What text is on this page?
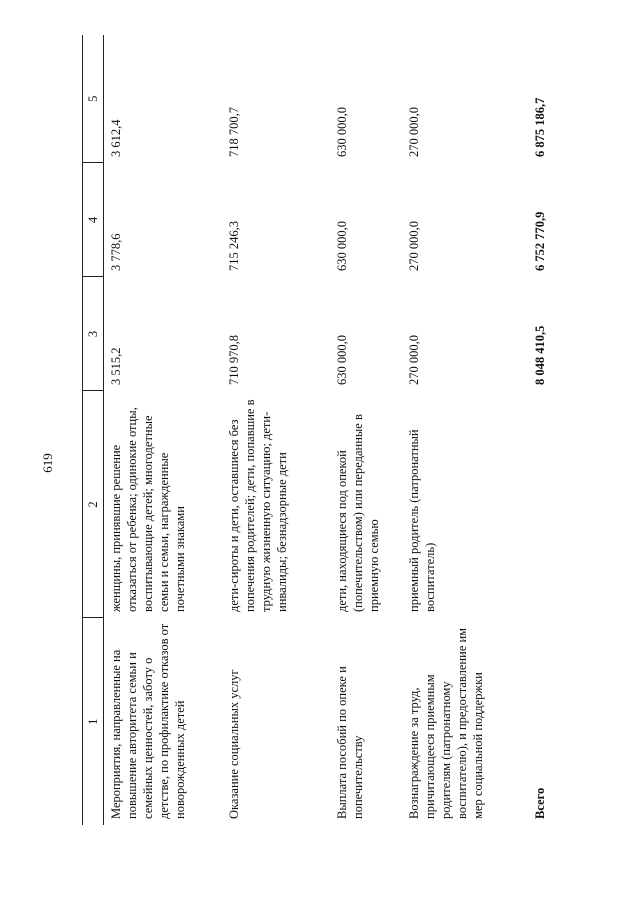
619
1	2	3	4	5
Мероприятия, направленные на повышение авторитета семьи и семейных ценностей, заботу о детстве, по профилактике отказов от новорожденных детей	женщины, принявшие решение отказаться от ребенка; одинокие отцы, воспитывающие детей; многодетные семьи и семьи, награжденные почетными знаками	3 515,2	3 778,6	3 612,4
Оказание социальных услуг	дети-сироты и дети, оставшиеся без попечения родителей; дети, попавшие в трудную жизненную ситуацию; дети-инвалиды; безнадзорные дети	710 970,8	715 246,3	718 700,7
Выплата пособий по опеке и попечительству	дети, находящиеся под опекой (попечительством) или переданные в приемную семью	630 000,0	630 000,0	630 000,0
Вознаграждение за труд, причитающееся приемным родителям (патронатному воспитателю), и предоставление им мер социальной поддержки	приемный родитель (патронатный воспитатель)	270 000,0	270 000,0	270 000,0
Всего		8 048 410,5	6 752 770,9	6 875 186,7
